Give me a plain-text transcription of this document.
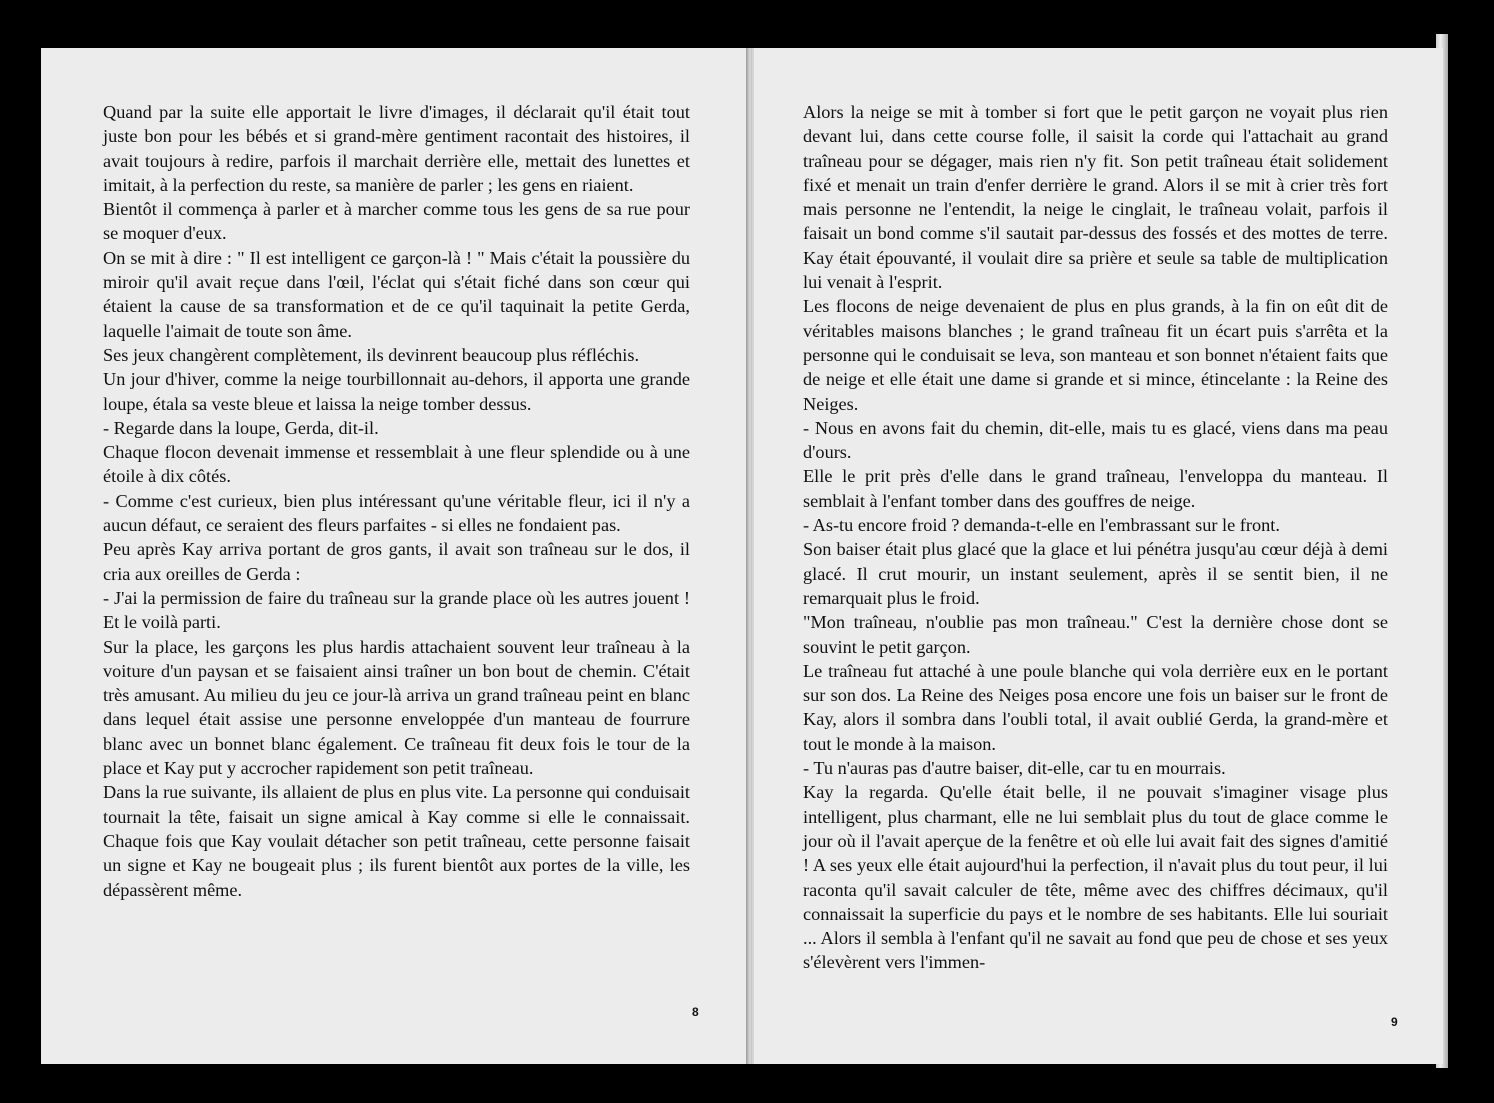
Quand par la suite elle apportait le livre d'images, il déclarait qu'il était tout juste bon pour les bébés et si grand-mère gentiment racontait des histoires, il avait toujours à redire, parfois il marchait derrière elle, mettait des lunettes et imitait, à la perfection du reste, sa manière de parler ; les gens en riaient.

Bientôt il commença à parler et à marcher comme tous les gens de sa rue pour se moquer d'eux.

On se mit à dire : " Il est intelligent ce garçon-là ! " Mais c'était la poussière du miroir qu'il avait reçue dans l'œil, l'éclat qui s'était fiché dans son cœur qui étaient la cause de sa transformation et de ce qu'il taquinait la petite Gerda, laquelle l'aimait de toute son âme.

Ses jeux changèrent complètement, ils devinrent beaucoup plus réfléchis.

Un jour d'hiver, comme la neige tourbillonnait au-dehors, il apporta une grande loupe, étala sa veste bleue et laissa la neige tomber dessus.

- Regarde dans la loupe, Gerda, dit-il.

Chaque flocon devenait immense et ressemblait à une fleur splendide ou à une étoile à dix côtés.

- Comme c'est curieux, bien plus intéressant qu'une véritable fleur, ici il n'y a aucun défaut, ce seraient des fleurs parfaites - si elles ne fondaient pas.

Peu après Kay arriva portant de gros gants, il avait son traîneau sur le dos, il cria aux oreilles de Gerda :

- J'ai la permission de faire du traîneau sur la grande place où les autres jouent ! Et le voilà parti.

Sur la place, les garçons les plus hardis attachaient souvent leur traîneau à la voiture d'un paysan et se faisaient ainsi traîner un bon bout de chemin. C'était très amusant. Au milieu du jeu ce jour-là arriva un grand traîneau peint en blanc dans lequel était assise une personne enveloppée d'un manteau de fourrure blanc avec un bonnet blanc également. Ce traîneau fit deux fois le tour de la place et Kay put y accrocher rapidement son petit traîneau.

Dans la rue suivante, ils allaient de plus en plus vite. La personne qui conduisait tournait la tête, faisait un signe amical à Kay comme si elle le connaissait. Chaque fois que Kay voulait détacher son petit traîneau, cette personne faisait un signe et Kay ne bougeait plus ; ils furent bientôt aux portes de la ville, les dépassèrent même.

8

Alors la neige se mit à tomber si fort que le petit garçon ne voyait plus rien devant lui, dans cette course folle, il saisit la corde qui l'attachait au grand traîneau pour se dégager, mais rien n'y fit. Son petit traîneau était solidement fixé et menait un train d'enfer derrière le grand. Alors il se mit à crier très fort mais personne ne l'entendit, la neige le cinglait, le traîneau volait, parfois il faisait un bond comme s'il sautait par-dessus des fossés et des mottes de terre. Kay était épouvanté, il voulait dire sa prière et seule sa table de multiplication lui venait à l'esprit.

Les flocons de neige devenaient de plus en plus grands, à la fin on eût dit de véritables maisons blanches ; le grand traîneau fit un écart puis s'arrêta et la personne qui le conduisait se leva, son manteau et son bonnet n'étaient faits que de neige et elle était une dame si grande et si mince, étincelante : la Reine des Neiges.

- Nous en avons fait du chemin, dit-elle, mais tu es glacé, viens dans ma peau d'ours.

Elle le prit près d'elle dans le grand traîneau, l'enveloppa du manteau. Il semblait à l'enfant tomber dans des gouffres de neige.

- As-tu encore froid ? demanda-t-elle en l'embrassant sur le front.

Son baiser était plus glacé que la glace et lui pénétra jusqu'au cœur déjà à demi glacé. Il crut mourir, un instant seulement, après il se sentit bien, il ne remarquait plus le froid.

"Mon traîneau, n'oublie pas mon traîneau." C'est la dernière chose dont se souvint le petit garçon.

Le traîneau fut attaché à une poule blanche qui vola derrière eux en le portant sur son dos. La Reine des Neiges posa encore une fois un baiser sur le front de Kay, alors il sombra dans l'oubli total, il avait oublié Gerda, la grand-mère et tout le monde à la maison.

- Tu n'auras pas d'autre baiser, dit-elle, car tu en mourrais.

Kay la regarda. Qu'elle était belle, il ne pouvait s'imaginer visage plus intelligent, plus charmant, elle ne lui semblait plus du tout de glace comme le jour où il l'avait aperçue de la fenêtre et où elle lui avait fait des signes d'amitié ! A ses yeux elle était aujourd'hui la perfection, il n'avait plus du tout peur, il lui raconta qu'il savait calculer de tête, même avec des chiffres décimaux, qu'il connaissait la superficie du pays et le nombre de ses habitants. Elle lui souriait ... Alors il sembla à l'enfant qu'il ne savait au fond que peu de chose et ses yeux s'élevèrent vers l'immen-

9
